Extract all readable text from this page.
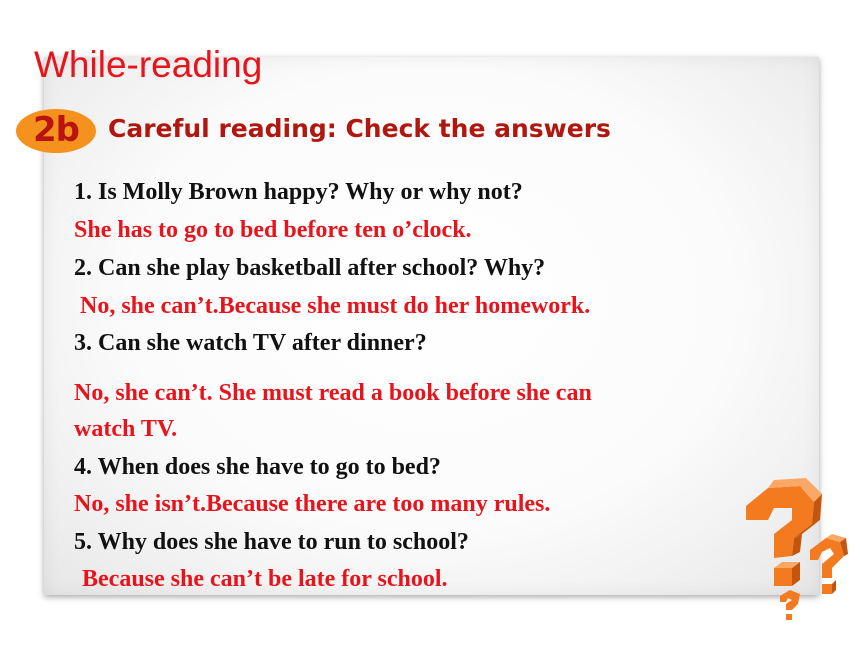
While-reading
2b Careful reading: Check the answers
1. Is Molly Brown happy? Why or why not?
She has to go to bed before ten o’clock.
2. Can she play basketball after school? Why?
No, she can’t.Because she must do her homework.
3. Can she watch TV after dinner?
No, she can’t. She must read a book before she can
watch TV.
4. When does she have to go to bed?
No, she isn’t.Because there are too many rules.
5. Why does she have to run to school?
Because she can’t be late for school.
